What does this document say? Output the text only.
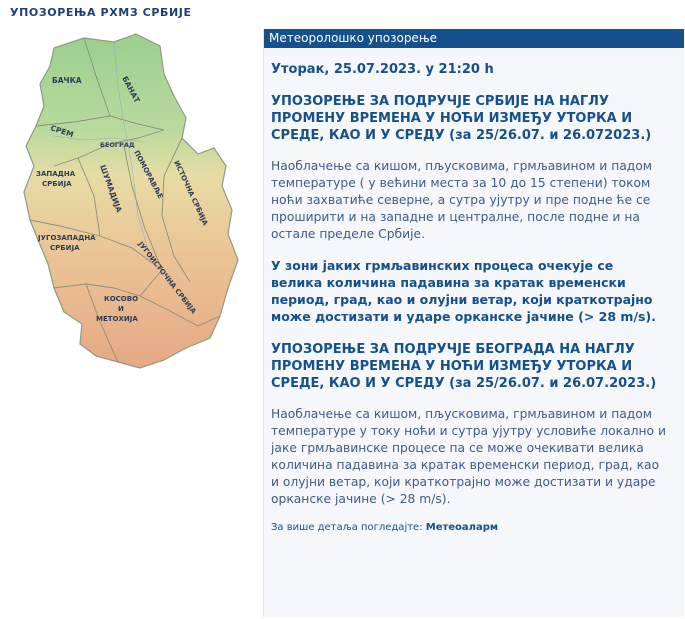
УПОЗОРЕЊА РХМЗ СРБИЈЕ
БАЧКА	БАНАТ
СРЕМ
БЕОГРАД
ЗАПАДНА
СРБИЈА	ШУМАДИЈА ПОМОРАВЉЕ ИСТОЧНА СРБИЈА
ЈУГОЗАПАДНА
СРБИЈА	ЈУГОИСТОЧНА СРБИЈА
КОСОВО
И
МЕТОХИЈА
Метеоролошко упозорење
Уторак, 25.07.2023. у 21:20 h
УПОЗОРЕЊЕ ЗА ПОДРУЧЈЕ СРБИЈЕ НА НАГЛУ ПРОМЕНУ ВРЕМЕНА У НОЋИ ИЗМЕЂУ УТОРКА И СРЕДЕ, КАО И У СРЕДУ (за 25/26.07. и 26.072023.)
Наоблачење са кишом, пљусковима, грмљавином и падом температуре ( у већини места за 10 до 15 степени) током ноћи захватиће северне, а сутра ујутру и пре подне ће се проширити и на западне и централне, после подне и на остале пределе Србије.
У зони јаких грмљавинских процеса очекује се велика количина падавина за кратак временски период, град, као и олујни ветар, који краткотрајно може достизати и ударе орканске јачине (> 28 m/s).
УПОЗОРЕЊЕ ЗА ПОДРУЧЈЕ БЕОГРАДА НА НАГЛУ ПРОМЕНУ ВРЕМЕНА У НОЋИ ИЗМЕЂУ УТОРКА И СРЕДЕ, КАО И У СРЕДУ (за 25/26.07. и 26.07.2023.)
Наоблачење са кишом, пљусковима, грмљавином и падом температуре у току ноћи и сутра ујутру условиће локално и јаке грмљавинске процесе па се може очекивати велика количина падавина за кратак временски период, град, као и олујни ветар, који краткотрајно може достизати и ударе орканске јачине (> 28 m/s).
За више детаља погледајте: Метеоаларм
